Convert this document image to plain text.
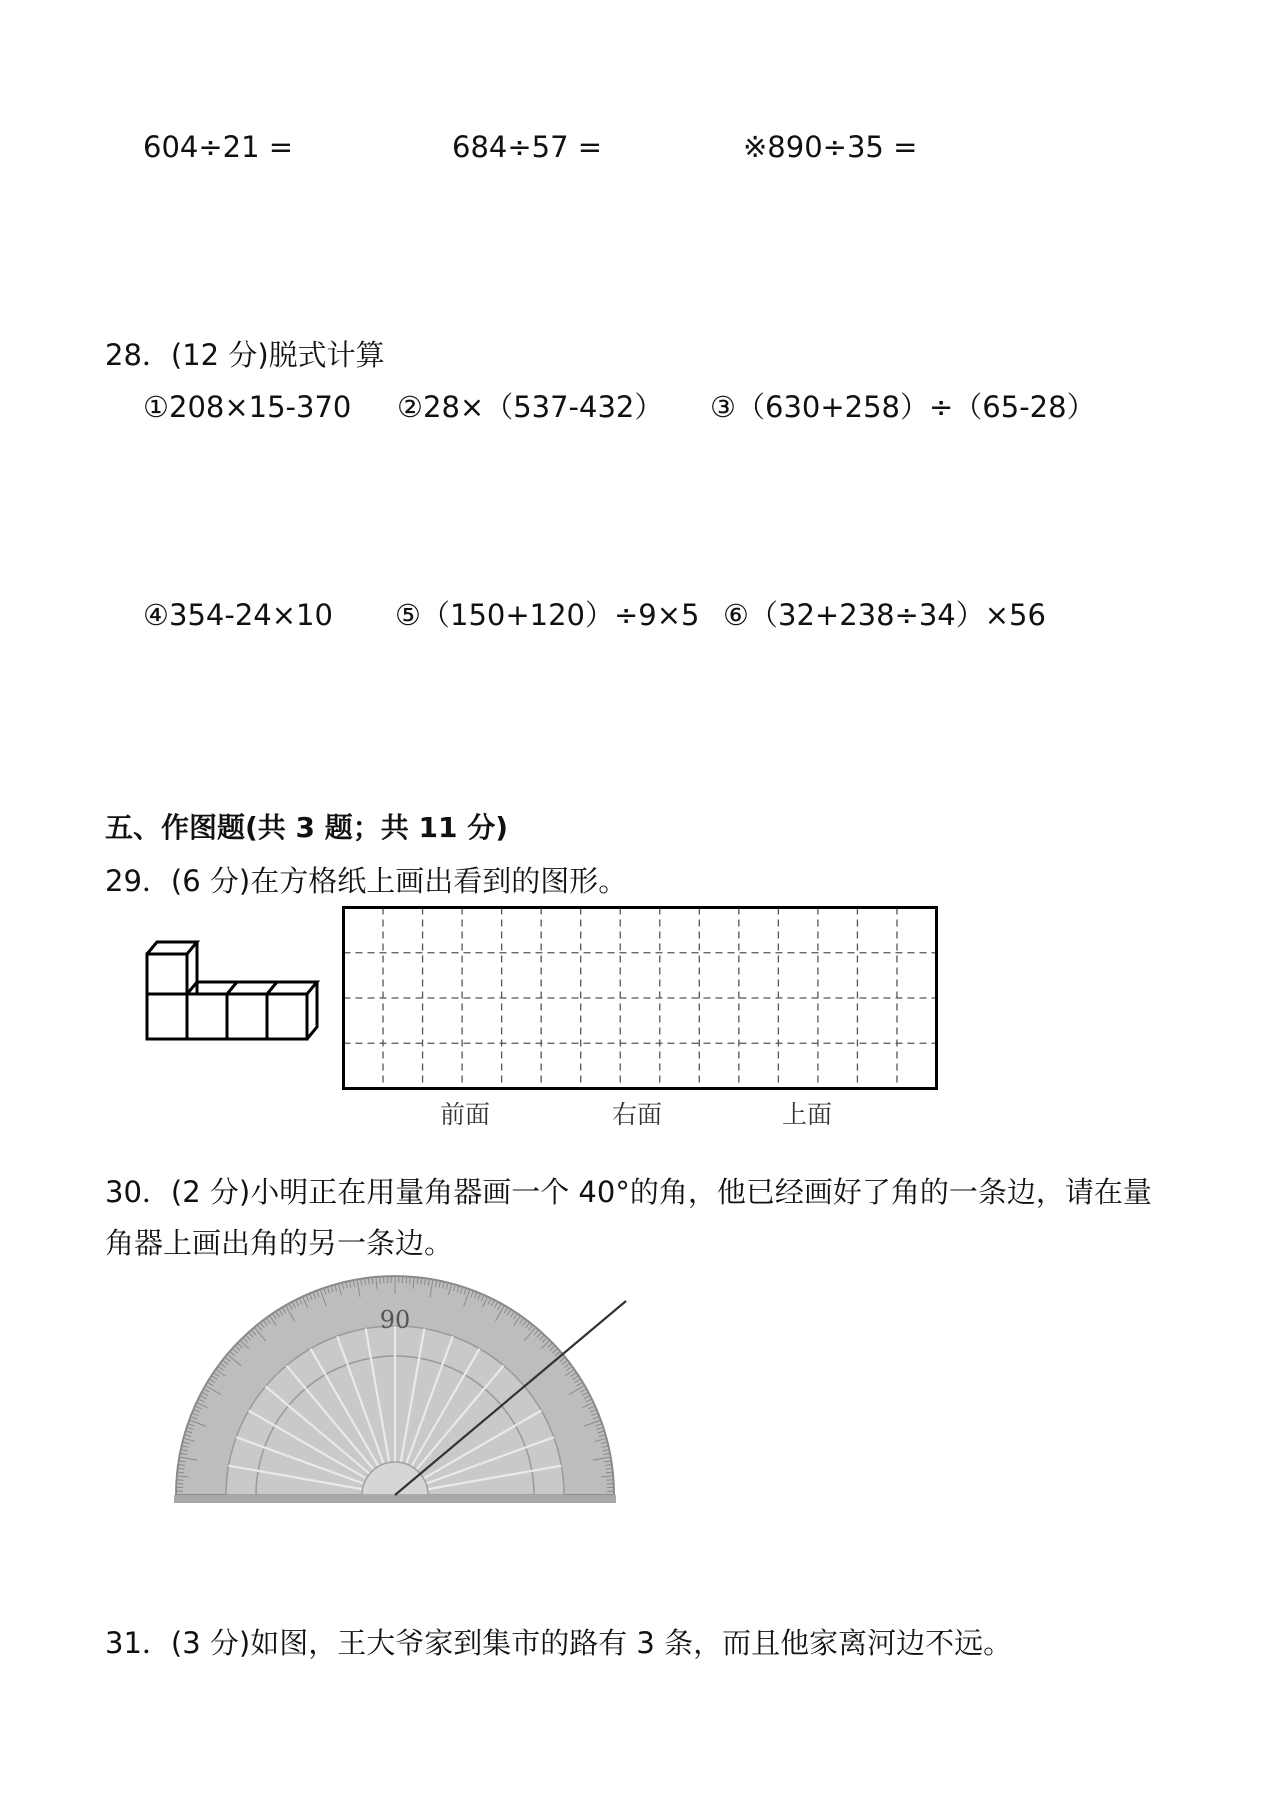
604÷21 =	684÷57 =	※890÷35 =
28．(12 分)脱式计算
①208×15-370 ②28×（537-432） ③（630+258）÷（65-28）
④354-24×10 ⑤（150+120）÷9×5 ⑥（32+238÷34）×56
五、作图题(共 3 题；共 11 分)
29．(6 分)在方格纸上画出看到的图形。
前面	右面	上面
30．(2 分)小明正在用量角器画一个 40°的角，他已经画好了角的一条边，请在量
角器上画出角的另一条边。
90
31．(3 分)如图，王大爷家到集市的路有 3 条，而且他家离河边不远。
